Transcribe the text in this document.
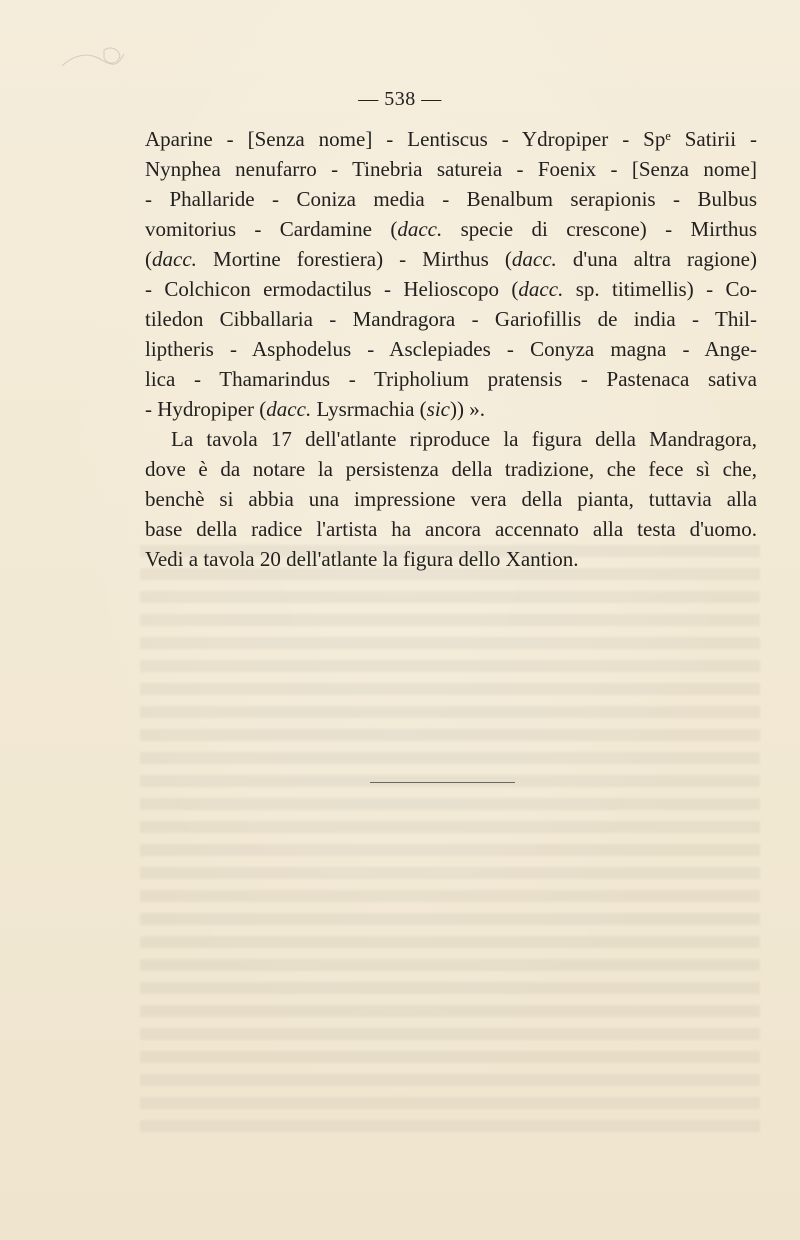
— 538 —
Aparine - [Senza nome] - Lentiscus - Ydropiper - Spᵉ Satirii -
Nynphea nenufarro - Tinebria satureia - Foenix - [Senza nome]
- Phallaride - Coniza media - Benalbum serapionis - Bulbus
vomitorius - Cardamine (dacc. specie di crescone) - Mirthus
(dacc. Mortine forestiera) - Mirthus (dacc. d'una altra ragione)
- Colchicon ermodactilus - Helioscopo (dacc. sp. titimellis) - Co-
tiledon Cibballaria - Mandragora - Gariofillis de india - Thil-
liptheris - Asphodelus - Asclepiades - Conyza magna - Ange-
lica - Thamarindus - Tripholium pratensis - Pastenaca sativa
- Hydropiper (dacc. Lysrmachia (sic)) ».
La tavola 17 dell'atlante riproduce la figura della Mandragora,
dove è da notare la persistenza della tradizione, che fece sì che,
benchè si abbia una impressione vera della pianta, tuttavia alla
base della radice l'artista ha ancora accennato alla testa d'uomo.
Vedi a tavola 20 dell'atlante la figura dello Xantion.
